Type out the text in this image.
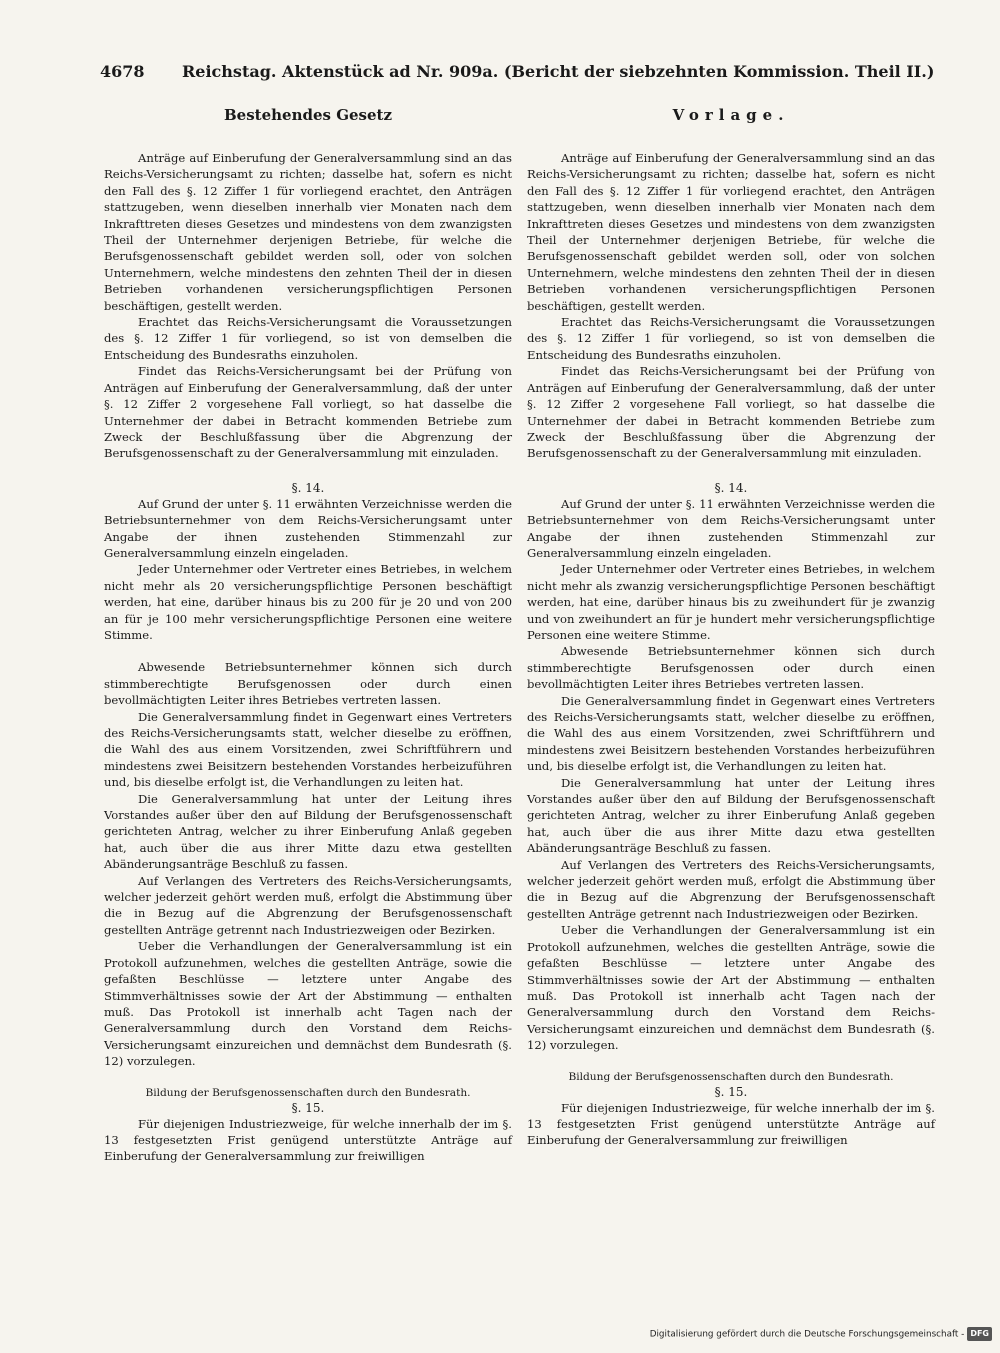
4678 Reichstag. Aktenstück ad Nr. 909a. (Bericht der siebzehnten Kommission. Theil II.)
Bestehendes Gesetz

Anträge auf Einberufung der Generalversammlung sind an das Reichs-Versicherungsamt zu richten; dasselbe hat, sofern es nicht den Fall des §. 12 Ziffer 1 für vorliegend erachtet, den Anträgen stattzugeben, wenn dieselben innerhalb vier Monaten nach dem Inkrafttreten dieses Gesetzes und mindestens von dem zwanzigsten Theil der Unternehmer derjenigen Betriebe, für welche die Berufsgenossenschaft gebildet werden soll, oder von solchen Unternehmern, welche mindestens den zehnten Theil der in diesen Betrieben vorhandenen versicherungspflichtigen Personen beschäftigen, gestellt werden.

Erachtet das Reichs-Versicherungsamt die Voraussetzungen des §. 12 Ziffer 1 für vorliegend, so ist von demselben die Entscheidung des Bundesraths einzuholen.

Findet das Reichs-Versicherungsamt bei der Prüfung von Anträgen auf Einberufung der Generalversammlung, daß der unter §. 12 Ziffer 2 vorgesehene Fall vorliegt, so hat dasselbe die Unternehmer der dabei in Betracht kommenden Betriebe zum Zweck der Beschlußfassung über die Abgrenzung der Berufsgenossenschaft zu der Generalversammlung mit einzuladen.

§. 14.

Auf Grund der unter §. 11 erwähnten Verzeichnisse werden die Betriebsunternehmer von dem Reichs-Versicherungsamt unter Angabe der ihnen zustehenden Stimmenzahl zur Generalversammlung einzeln eingeladen.

Jeder Unternehmer oder Vertreter eines Betriebes, in welchem nicht mehr als 20 versicherungspflichtige Personen beschäftigt werden, hat eine, darüber hinaus bis zu 200 für je 20 und von 200 an für je 100 mehr versicherungspflichtige Personen eine weitere Stimme.

Abwesende Betriebsunternehmer können sich durch stimmberechtigte Berufsgenossen oder durch einen bevollmächtigten Leiter ihres Betriebes vertreten lassen.

Die Generalversammlung findet in Gegenwart eines Vertreters des Reichs-Versicherungsamts statt, welcher dieselbe zu eröffnen, die Wahl des aus einem Vorsitzenden, zwei Schriftführern und mindestens zwei Beisitzern bestehenden Vorstandes herbeizuführen und, bis dieselbe erfolgt ist, die Verhandlungen zu leiten hat.

Die Generalversammlung hat unter der Leitung ihres Vorstandes außer über den auf Bildung der Berufsgenossenschaft gerichteten Antrag, welcher zu ihrer Einberufung Anlaß gegeben hat, auch über die aus ihrer Mitte dazu etwa gestellten Abänderungsanträge Beschluß zu fassen.

Auf Verlangen des Vertreters des Reichs-Versicherungsamts, welcher jederzeit gehört werden muß, erfolgt die Abstimmung über die in Bezug auf die Abgrenzung der Berufsgenossenschaft gestellten Anträge getrennt nach Industriezweigen oder Bezirken.

Ueber die Verhandlungen der Generalversammlung ist ein Protokoll aufzunehmen, welches die gestellten Anträge, sowie die gefaßten Beschlüsse — letztere unter Angabe des Stimmverhältnisses sowie der Art der Abstimmung — enthalten muß. Das Protokoll ist innerhalb acht Tagen nach der Generalversammlung durch den Vorstand dem Reichs-Versicherungsamt einzureichen und demnächst dem Bundesrath (§. 12) vorzulegen.

Bildung der Berufsgenossenschaften durch den Bundesrath.

§. 15.

Für diejenigen Industriezweige, für welche innerhalb der im §. 13 festgesetzten Frist genügend unterstützte Anträge auf Einberufung der Generalversammlung zur freiwilligen

Vorlage.

Anträge auf Einberufung der Generalversammlung sind an das Reichs-Versicherungsamt zu richten; dasselbe hat, sofern es nicht den Fall des §. 12 Ziffer 1 für vorliegend erachtet, den Anträgen stattzugeben, wenn dieselben innerhalb vier Monaten nach dem Inkrafttreten dieses Gesetzes und mindestens von dem zwanzigsten Theil der Unternehmer derjenigen Betriebe, für welche die Berufsgenossenschaft gebildet werden soll, oder von solchen Unternehmern, welche mindestens den zehnten Theil der in diesen Betrieben vorhandenen versicherungspflichtigen Personen beschäftigen, gestellt werden.

Erachtet das Reichs-Versicherungsamt die Voraussetzungen des §. 12 Ziffer 1 für vorliegend, so ist von demselben die Entscheidung des Bundesraths einzuholen.

Findet das Reichs-Versicherungsamt bei der Prüfung von Anträgen auf Einberufung der Generalversammlung, daß der unter §. 12 Ziffer 2 vorgesehene Fall vorliegt, so hat dasselbe die Unternehmer der dabei in Betracht kommenden Betriebe zum Zweck der Beschlußfassung über die Abgrenzung der Berufsgenossenschaft zu der Generalversammlung mit einzuladen.

§. 14.

Auf Grund der unter §. 11 erwähnten Verzeichnisse werden die Betriebsunternehmer von dem Reichs-Versicherungsamt unter Angabe der ihnen zustehenden Stimmenzahl zur Generalversammlung einzeln eingeladen.

Jeder Unternehmer oder Vertreter eines Betriebes, in welchem nicht mehr als zwanzig versicherungspflichtige Personen beschäftigt werden, hat eine, darüber hinaus bis zu zweihundert für je zwanzig und von zweihundert an für je hundert mehr versicherungspflichtige Personen eine weitere Stimme.

Abwesende Betriebsunternehmer können sich durch stimmberechtigte Berufsgenossen oder durch einen bevollmächtigten Leiter ihres Betriebes vertreten lassen.

Die Generalversammlung findet in Gegenwart eines Vertreters des Reichs-Versicherungsamts statt, welcher dieselbe zu eröffnen, die Wahl des aus einem Vorsitzenden, zwei Schriftführern und mindestens zwei Beisitzern bestehenden Vorstandes herbeizuführen und, bis dieselbe erfolgt ist, die Verhandlungen zu leiten hat.

Die Generalversammlung hat unter der Leitung ihres Vorstandes außer über den auf Bildung der Berufsgenossenschaft gerichteten Antrag, welcher zu ihrer Einberufung Anlaß gegeben hat, auch über die aus ihrer Mitte dazu etwa gestellten Abänderungsanträge Beschluß zu fassen.

Auf Verlangen des Vertreters des Reichs-Versicherungsamts, welcher jederzeit gehört werden muß, erfolgt die Abstimmung über die in Bezug auf die Abgrenzung der Berufsgenossenschaft gestellten Anträge getrennt nach Industriezweigen oder Bezirken.

Ueber die Verhandlungen der Generalversammlung ist ein Protokoll aufzunehmen, welches die gestellten Anträge, sowie die gefaßten Beschlüsse — letztere unter Angabe des Stimmverhältnisses sowie der Art der Abstimmung — enthalten muß. Das Protokoll ist innerhalb acht Tagen nach der Generalversammlung durch den Vorstand dem Reichs-Versicherungsamt einzureichen und demnächst dem Bundesrath (§. 12) vorzulegen.

Bildung der Berufsgenossenschaften durch den Bundesrath.

§. 15.

Für diejenigen Industriezweige, für welche innerhalb der im §. 13 festgesetzten Frist genügend unterstützte Anträge auf Einberufung der Generalversammlung zur freiwilligen

Digitalisierung gefördert durch die Deutsche Forschungsgemeinschaft - DFG
